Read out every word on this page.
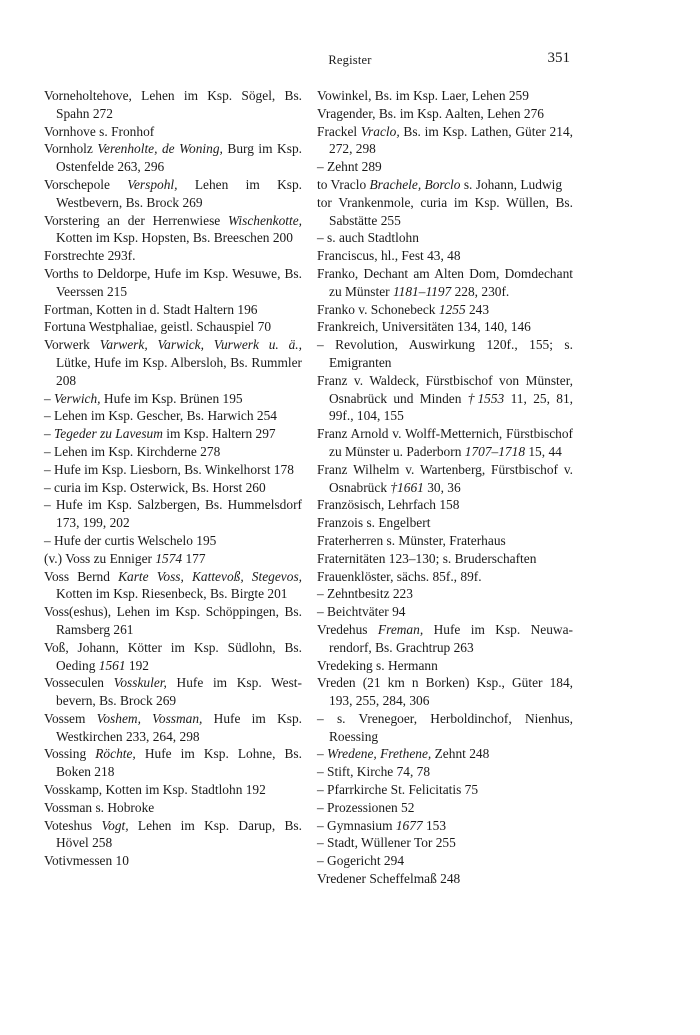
Register	351
Vorneholtehove, Lehen im Ksp. Sögel, Bs. Spahn 272
Vornhove s. Fronhof
Vornholz Verenholte, de Woning, Burg im Ksp. Ostenfelde 263, 296
Vorschepole Verspohl, Lehen im Ksp. Westbevern, Bs. Brock 269
Vorstering an der Herrenwiese Wischenkotte, Kotten im Ksp. Hopsten, Bs. Breeschen 200
Forstrechte 293f.
Vorths to Deldorpe, Hufe im Ksp. Wesuwe, Bs. Veerssen 215
Fortman, Kotten in d. Stadt Haltern 196
Fortuna Westphaliae, geistl. Schauspiel 70
Vorwerk Varwerk, Varwick, Vurwerk u. ä., Lütke, Hufe im Ksp. Albersloh, Bs. Rummler 208
– Verwich, Hufe im Ksp. Brünen 195
– Lehen im Ksp. Gescher, Bs. Harwich 254
– Tegeder zu Lavesum im Ksp. Haltern 297
– Lehen im Ksp. Kirchderne 278
– Hufe im Ksp. Liesborn, Bs. Winkelhorst 178
– curia im Ksp. Osterwick, Bs. Horst 260
– Hufe im Ksp. Salzbergen, Bs. Hummelsdorf 173, 199, 202
– Hufe der curtis Welschelo 195
(v.) Voss zu Enniger 1574 177
Voss Bernd Karte Voss, Kattevoß, Stegevos, Kotten im Ksp. Riesenbeck, Bs. Birgte 201
Voss(eshus), Lehen im Ksp. Schöppingen, Bs. Ramsberg 261
Voß, Johann, Kötter im Ksp. Südlohn, Bs. Oeding 1561 192
Vosseculen Vosskuler, Hufe im Ksp. Westbevern, Bs. Brock 269
Vossem Voshem, Vossman, Hufe im Ksp. Westkirchen 233, 264, 298
Vossing Röchte, Hufe im Ksp. Lohne, Bs. Boken 218
Vosskamp, Kotten im Ksp. Stadtlohn 192
Vossman s. Hobroke
Voteshus Vogt, Lehen im Ksp. Darup, Bs. Hövel 258
Votivmessen 10
Vowinkel, Bs. im Ksp. Laer, Lehen 259
Vragender, Bs. im Ksp. Aalten, Lehen 276
Frackel Vraclo, Bs. im Ksp. Lathen, Güter 214, 272, 298
– Zehnt 289
to Vraclo Brachele, Borclo s. Johann, Ludwig
tor Vrankenmole, curia im Ksp. Wüllen, Bs. Sabstätte 255
– s. auch Stadtlohn
Franciscus, hl., Fest 43, 48
Franko, Dechant am Alten Dom, Domdechant zu Münster 1181–1197 228, 230f.
Franko v. Schonebeck 1255 243
Frankreich, Universitäten 134, 140, 146
– Revolution, Auswirkung 120f., 155; s. Emigranten
Franz v. Waldeck, Fürstbischof von Münster, Osnabrück und Minden †1553 11, 25, 81, 99f., 104, 155
Franz Arnold v. Wolff-Metternich, Fürstbischof zu Münster u. Paderborn 1707–1718 15, 44
Franz Wilhelm v. Wartenberg, Fürstbischof v. Osnabrück †1661 30, 36
Französisch, Lehrfach 158
Franzois s. Engelbert
Fraterherren s. Münster, Fraterhaus
Fraternitäten 123–130; s. Bruderschaften
Frauenklöster, sächs. 85f., 89f.
– Zehntbesitz 223
– Beichtväter 94
Vredehus Freman, Hufe im Ksp. Neuwarendorf, Bs. Grachtrup 263
Vredeking s. Hermann
Vreden (21 km n Borken) Ksp., Güter 184, 193, 255, 284, 306
– s. Vrenegoer, Herboldinchof, Nienhus, Roessing
– Wredene, Frethene, Zehnt 248
– Stift, Kirche 74, 78
– Pfarrkirche St. Felicitatis 75
– Prozessionen 52
– Gymnasium 1677 153
– Stadt, Wüllener Tor 255
– Gogericht 294
Vredener Scheffelmaß 248
